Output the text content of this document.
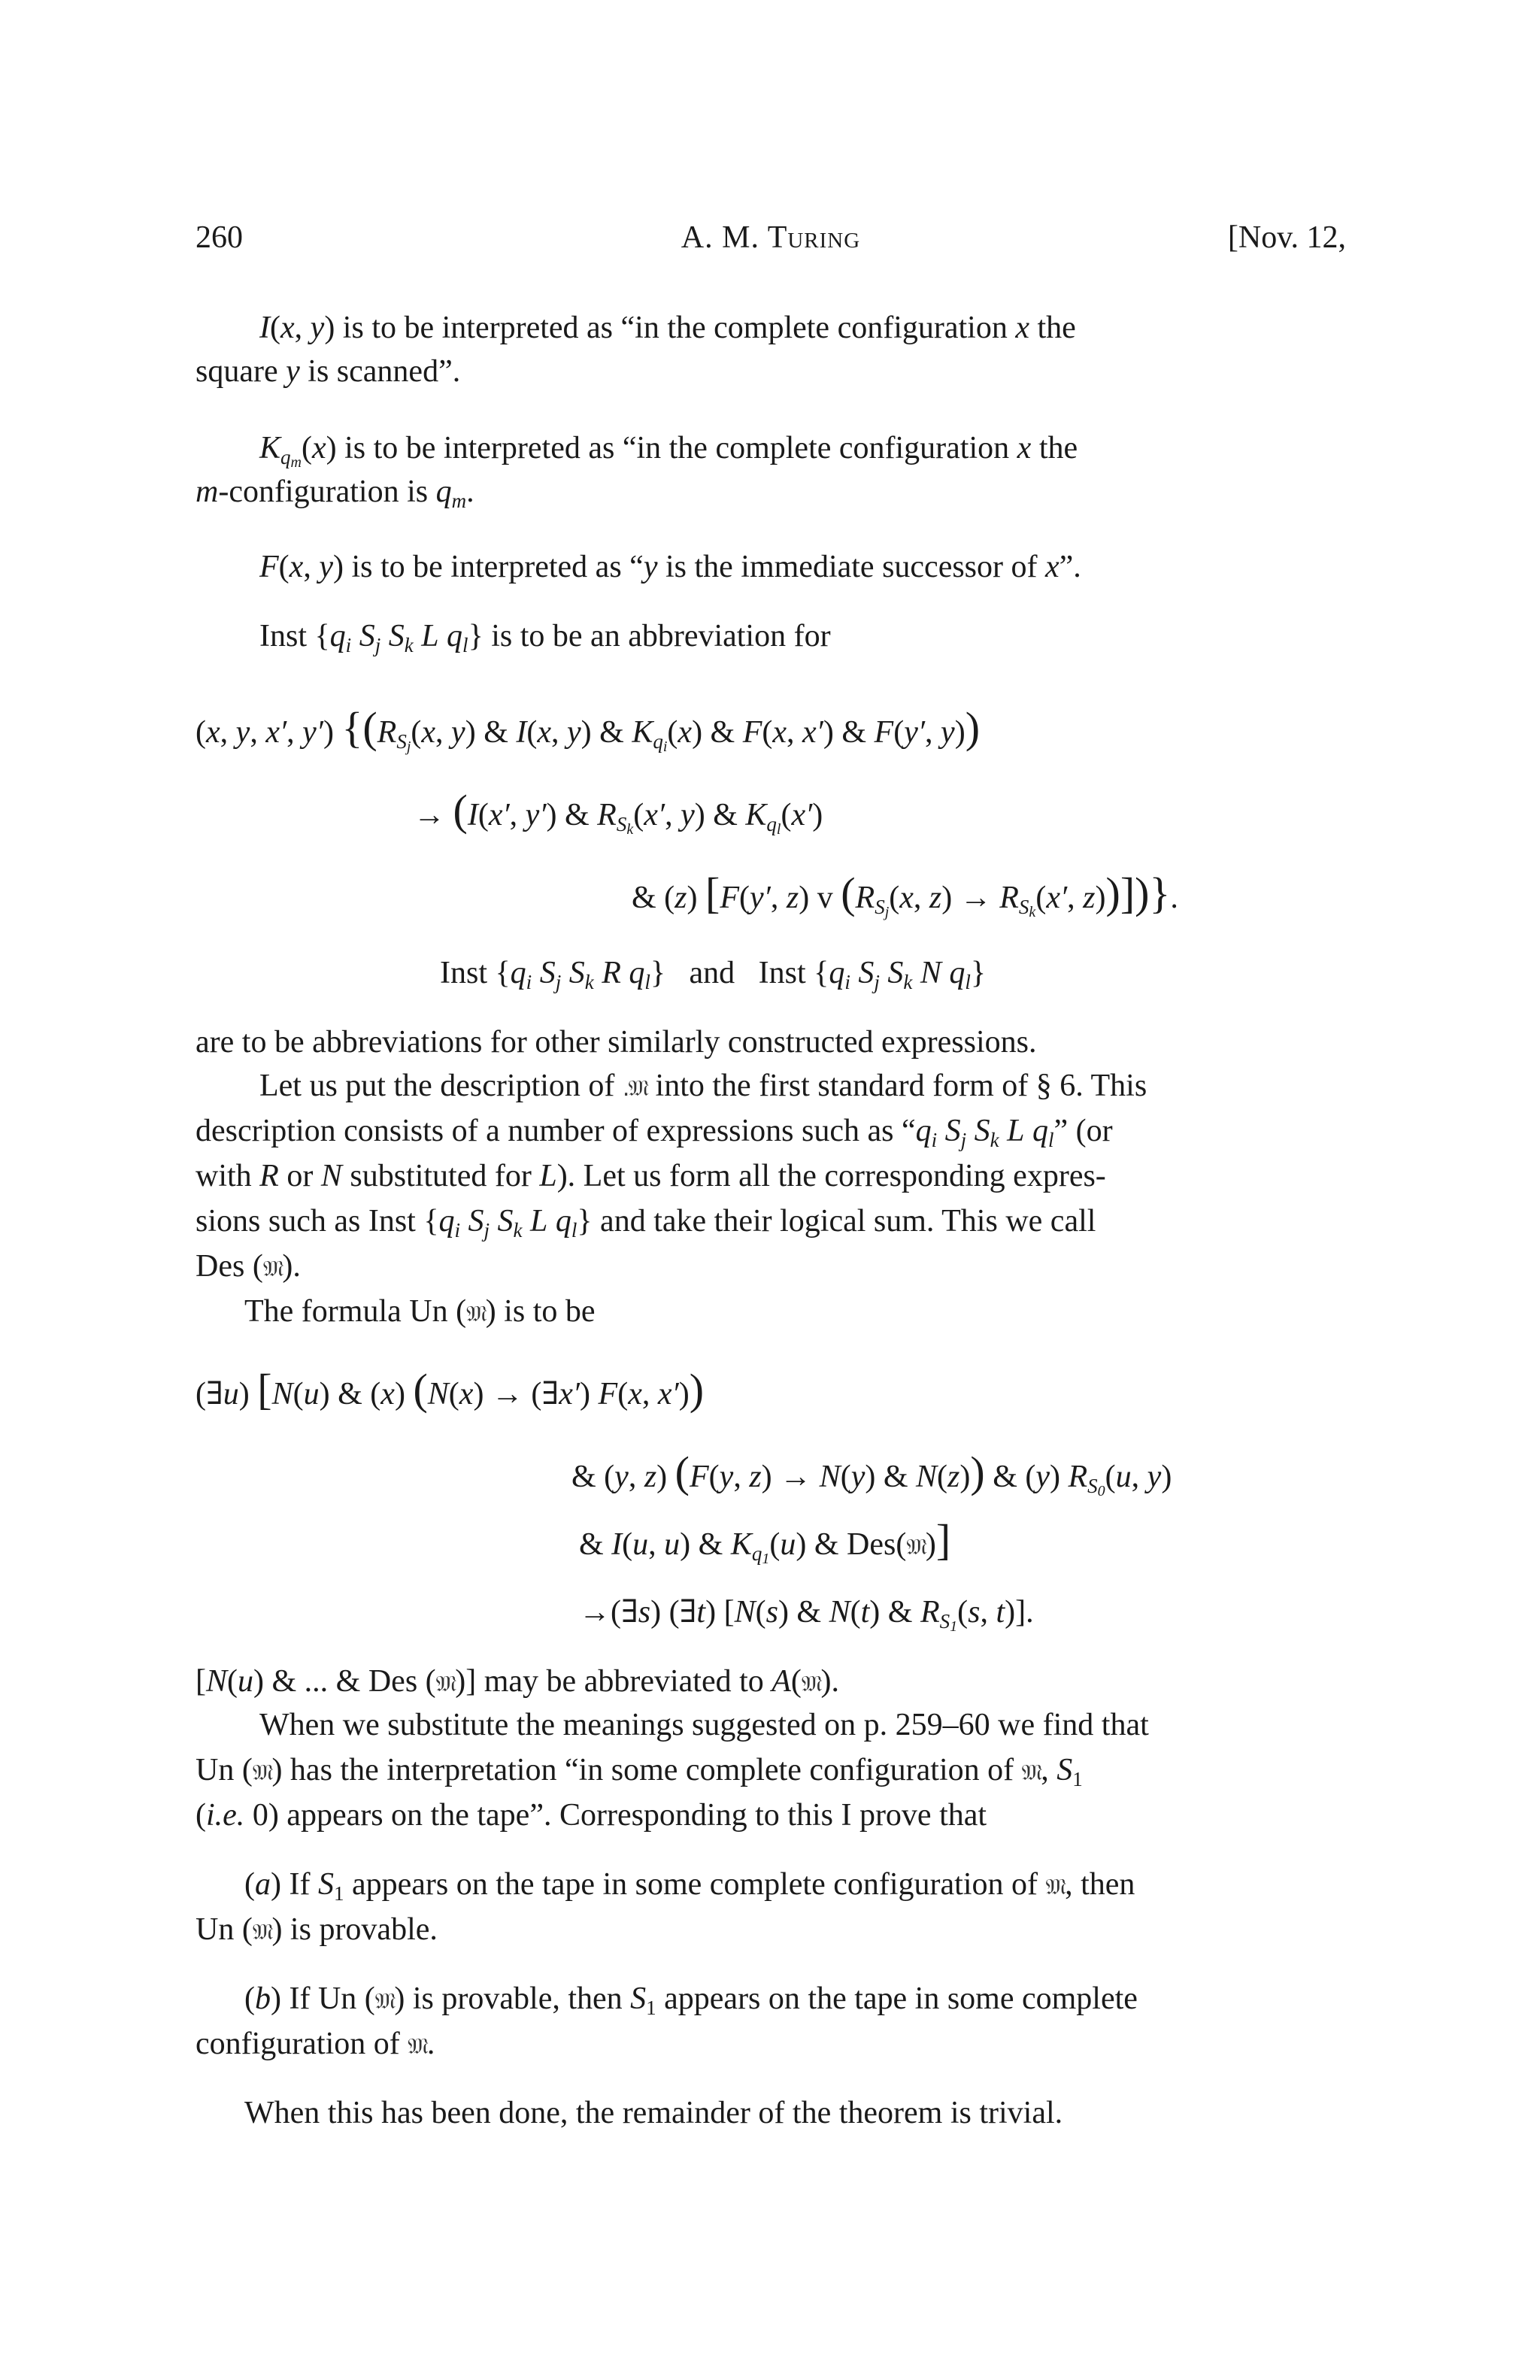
260	A. M. Turing	[Nov. 12,
I(x, y) is to be interpreted as “in the complete configuration x the
square y is scanned”.
$K_{q_m}(x)$ is to be interpreted as “in the complete configuration x the
m-configuration is $q_m$.
F(x, y) is to be interpreted as “y is the immediate successor of x”.
Inst {$q_i$ $S_j$ $S_k$ L $q_l$} is to be an abbreviation for
(x, y, x′, y′) {($R_{S_j}(x$, y) & I(x, y) & $K_{q_i}(x)$ & F(x, x′) & F(y′, y))
→ (I(x′, y′) & $R_{S_k}(x'$, y) & $K_{q_l}(x')$
& (z) [F(y′, z) v ($R_{S_j}(x$, $z) \to R_{S_k}(x'$, z))])}.
Inst {$q_i$ $S_j$ $S_k$ R $q_l$}   and   Inst {$q_i$ $S_j$ $S_k$ N $q_l$}
are to be abbreviations for other similarly constructed expressions.
Let us put the description of .𝔐 into the first standard form of § 6. This
description consists of a number of expressions such as “$q_i$ $S_j$ $S_k$ L $q_l$” (or
with R or N substituted for L). Let us form all the corresponding expres-
sions such as Inst {$q_i$ $S_j$ $S_k$ L $q_l$} and take their logical sum. This we call
Des (𝔐).
The formula Un (𝔐) is to be
(∃u) [N(u) & (x) (N(x) → (∃x′) F(x, x′))
& (y, z) (F(y, z) → N(y) & N(z)) & (y) $R_{S_0}(u$, y)
& I(u, u) & $K_{q_1}(u)$ & Des(𝔐)]
→(∃s) (∃t) [N(s) & N(t) & $R_{S_1}(s$, t)].
[N(u) & ... & Des (𝔐)] may be abbreviated to A(𝔐).
When we substitute the meanings suggested on p. 259–60 we find that
Un (𝔐) has the interpretation “in some complete configuration of 𝔐, $S_1$
(i.e. 0) appears on the tape”. Corresponding to this I prove that
(a) If $S_1$ appears on the tape in some complete configuration of 𝔐, then
Un (𝔐) is provable.
(b) If Un (𝔐) is provable, then $S_1$ appears on the tape in some complete
configuration of 𝔐.
When this has been done, the remainder of the theorem is trivial.
